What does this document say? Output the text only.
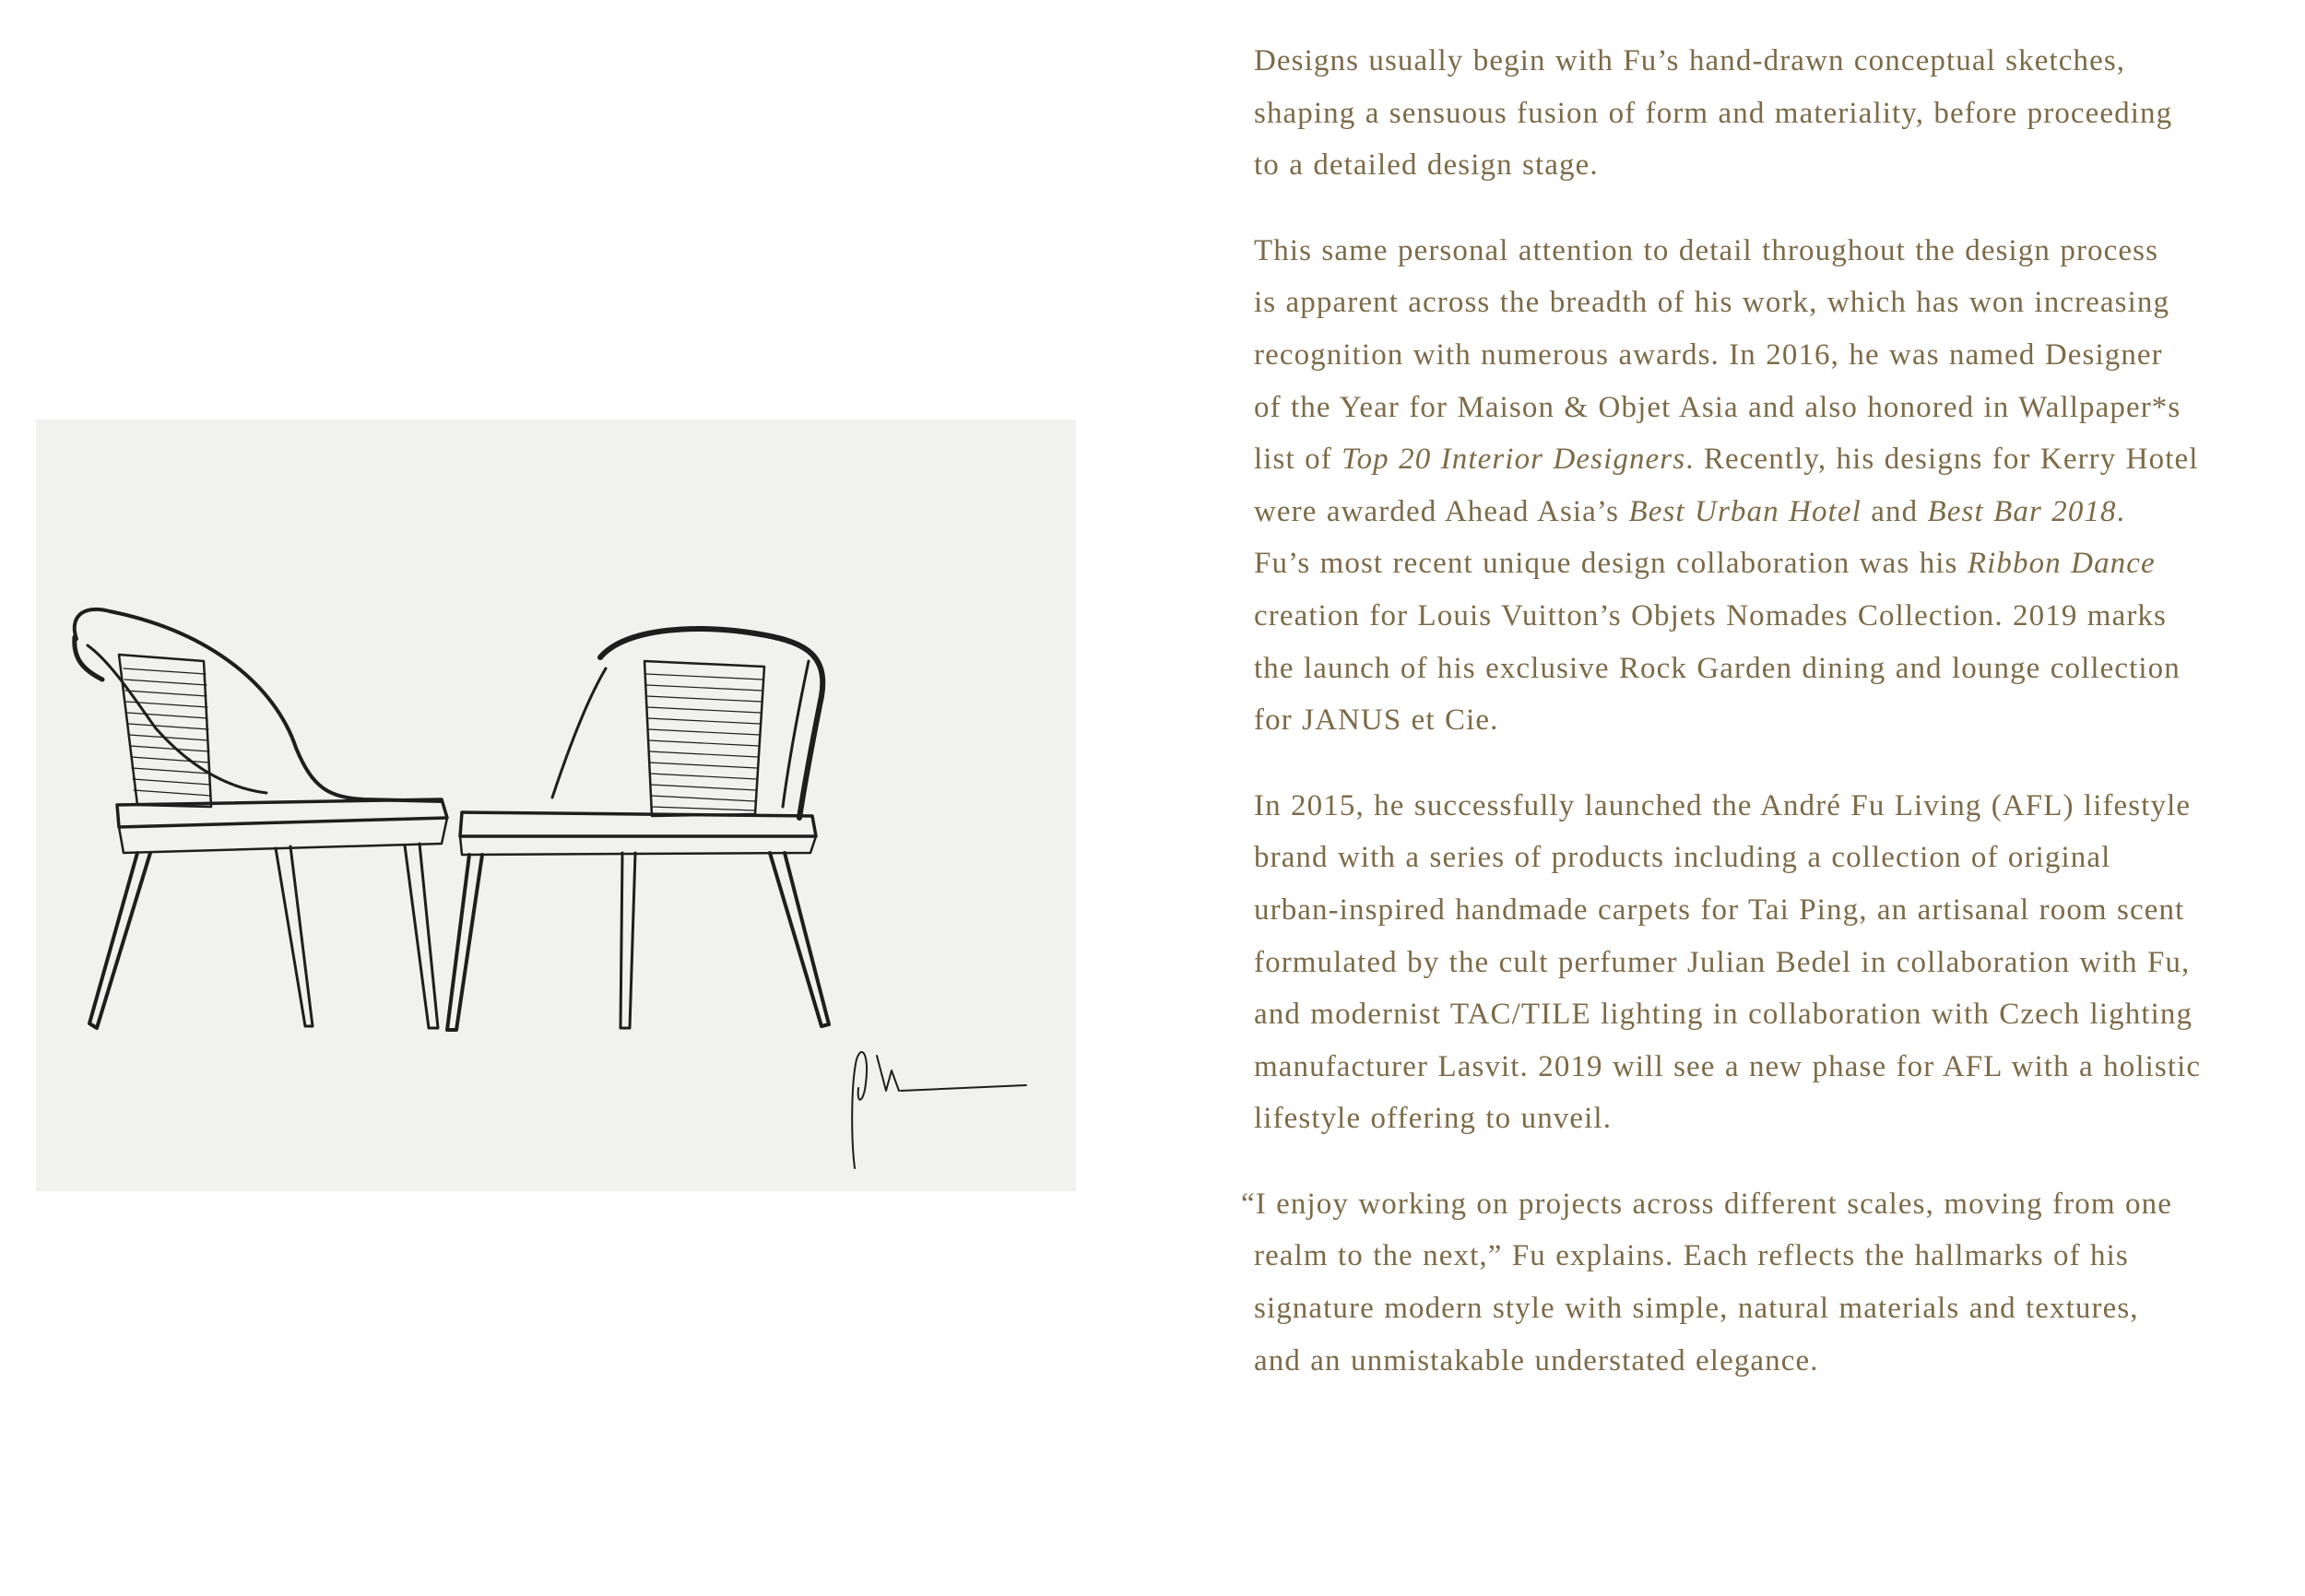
Designs usually begin with Fu’s hand-drawn conceptual sketches,
shaping a sensuous fusion of form and materiality, before proceeding
to a detailed design stage.
This same personal attention to detail throughout the design process
is apparent across the breadth of his work, which has won increasing
recognition with numerous awards. In 2016, he was named Designer
of the Year for Maison & Objet Asia and also honored in Wallpaper*s
list of Top 20 Interior Designers. Recently, his designs for Kerry Hotel
were awarded Ahead Asia’s Best Urban Hotel and Best Bar 2018.
Fu’s most recent unique design collaboration was his Ribbon Dance
creation for Louis Vuitton’s Objets Nomades Collection. 2019 marks
the launch of his exclusive Rock Garden dining and lounge collection
for JANUS et Cie.
In 2015, he successfully launched the André Fu Living (AFL) lifestyle
brand with a series of products including a collection of original
urban-inspired handmade carpets for Tai Ping, an artisanal room scent
formulated by the cult perfumer Julian Bedel in collaboration with Fu,
and modernist TAC/TILE lighting in collaboration with Czech lighting
manufacturer Lasvit. 2019 will see a new phase for AFL with a holistic
lifestyle offering to unveil.
“I enjoy working on projects across different scales, moving from one
realm to the next,” Fu explains. Each reflects the hallmarks of his
signature modern style with simple, natural materials and textures,
and an unmistakable understated elegance.
